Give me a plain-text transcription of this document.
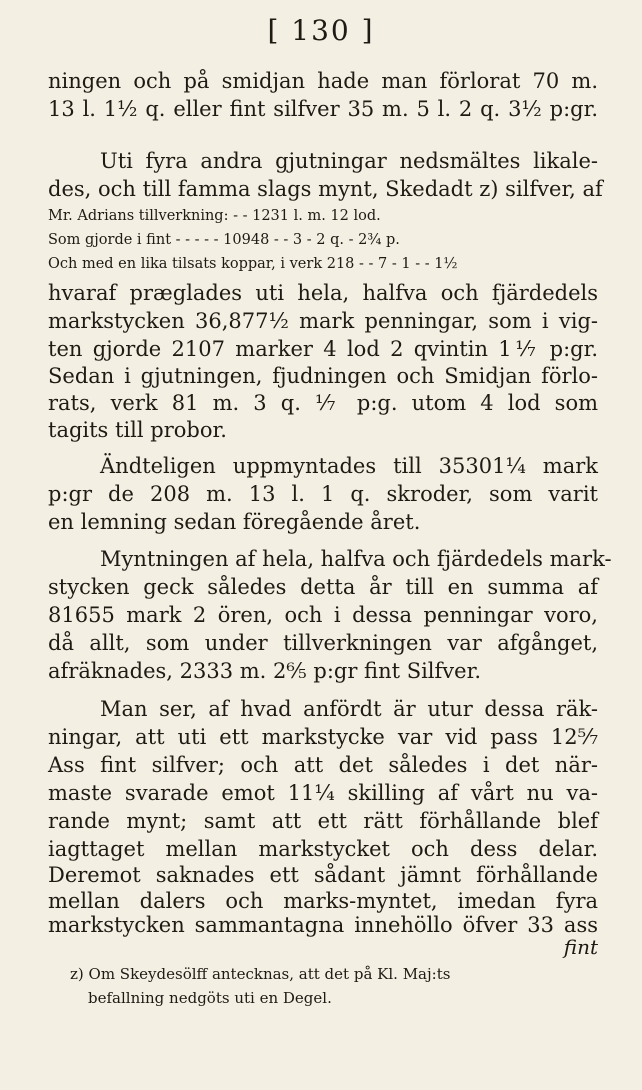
[ 130 ]
ningen och på smidjan hade man förlorat 70 m.
13 l. 1½ q. eller fint silfver 35 m. 5 l. 2 q. 3½ p:gr.
Uti fyra andra gjutningar nedsmältes likale-
des, och till famma slags mynt, Skedadt z) silfver, af
Mr. Adrians tillverkning: - - 1231 l. m. 12 lod.
Som gjorde i fint - - - - - 10948 - - 3 - 2 q. - 2¾ p.
Och med en lika tilsats koppar, i verk 218 - - 7 - 1 - - 1½
hvaraf præglades uti hela, halfva och fjärdedels
markstycken 36,877½ mark penningar, som i vig-
ten gjorde 2107 marker 4 lod 2 qvintin 1⅐ p:gr.
Sedan i gjutningen, fjudningen och Smidjan förlo-
rats, verk 81 m. 3 q. ⅐ p:g. utom 4 lod som
tagits till probor.
Ändteligen uppmyntades till 35301¼ mark
p:gr de 208 m. 13 l. 1 q. skroder, som varit
en lemning sedan föregående året.
Myntningen af hela, halfva och fjärdedels mark-
stycken geck således detta år till en summa af
81655 mark 2 ören, och i dessa penningar voro,
då allt, som under tillverkningen var afgånget,
afräknades, 2333 m. 2⁶⁄₅ p:gr fint Silfver.
Man ser, af hvad anfördt är utur dessa räk-
ningar, att uti ett markstycke var vid pass 12⁵⁄₇
Ass fint silfver; och att det således i det när-
maste svarade emot 11¼ skilling af vårt nu va-
rande mynt; samt att ett rätt förhållande blef
iagttaget mellan markstycket och dess delar.
Deremot saknades ett sådant jämnt förhållande
mellan dalers och marks-myntet, imedan fyra
markstycken sammantagna innehöllo öfver 33 ass
fint
z) Om Skeydesölff antecknas, att det på Kl. Maj:ts
befallning nedgöts uti en Degel.
